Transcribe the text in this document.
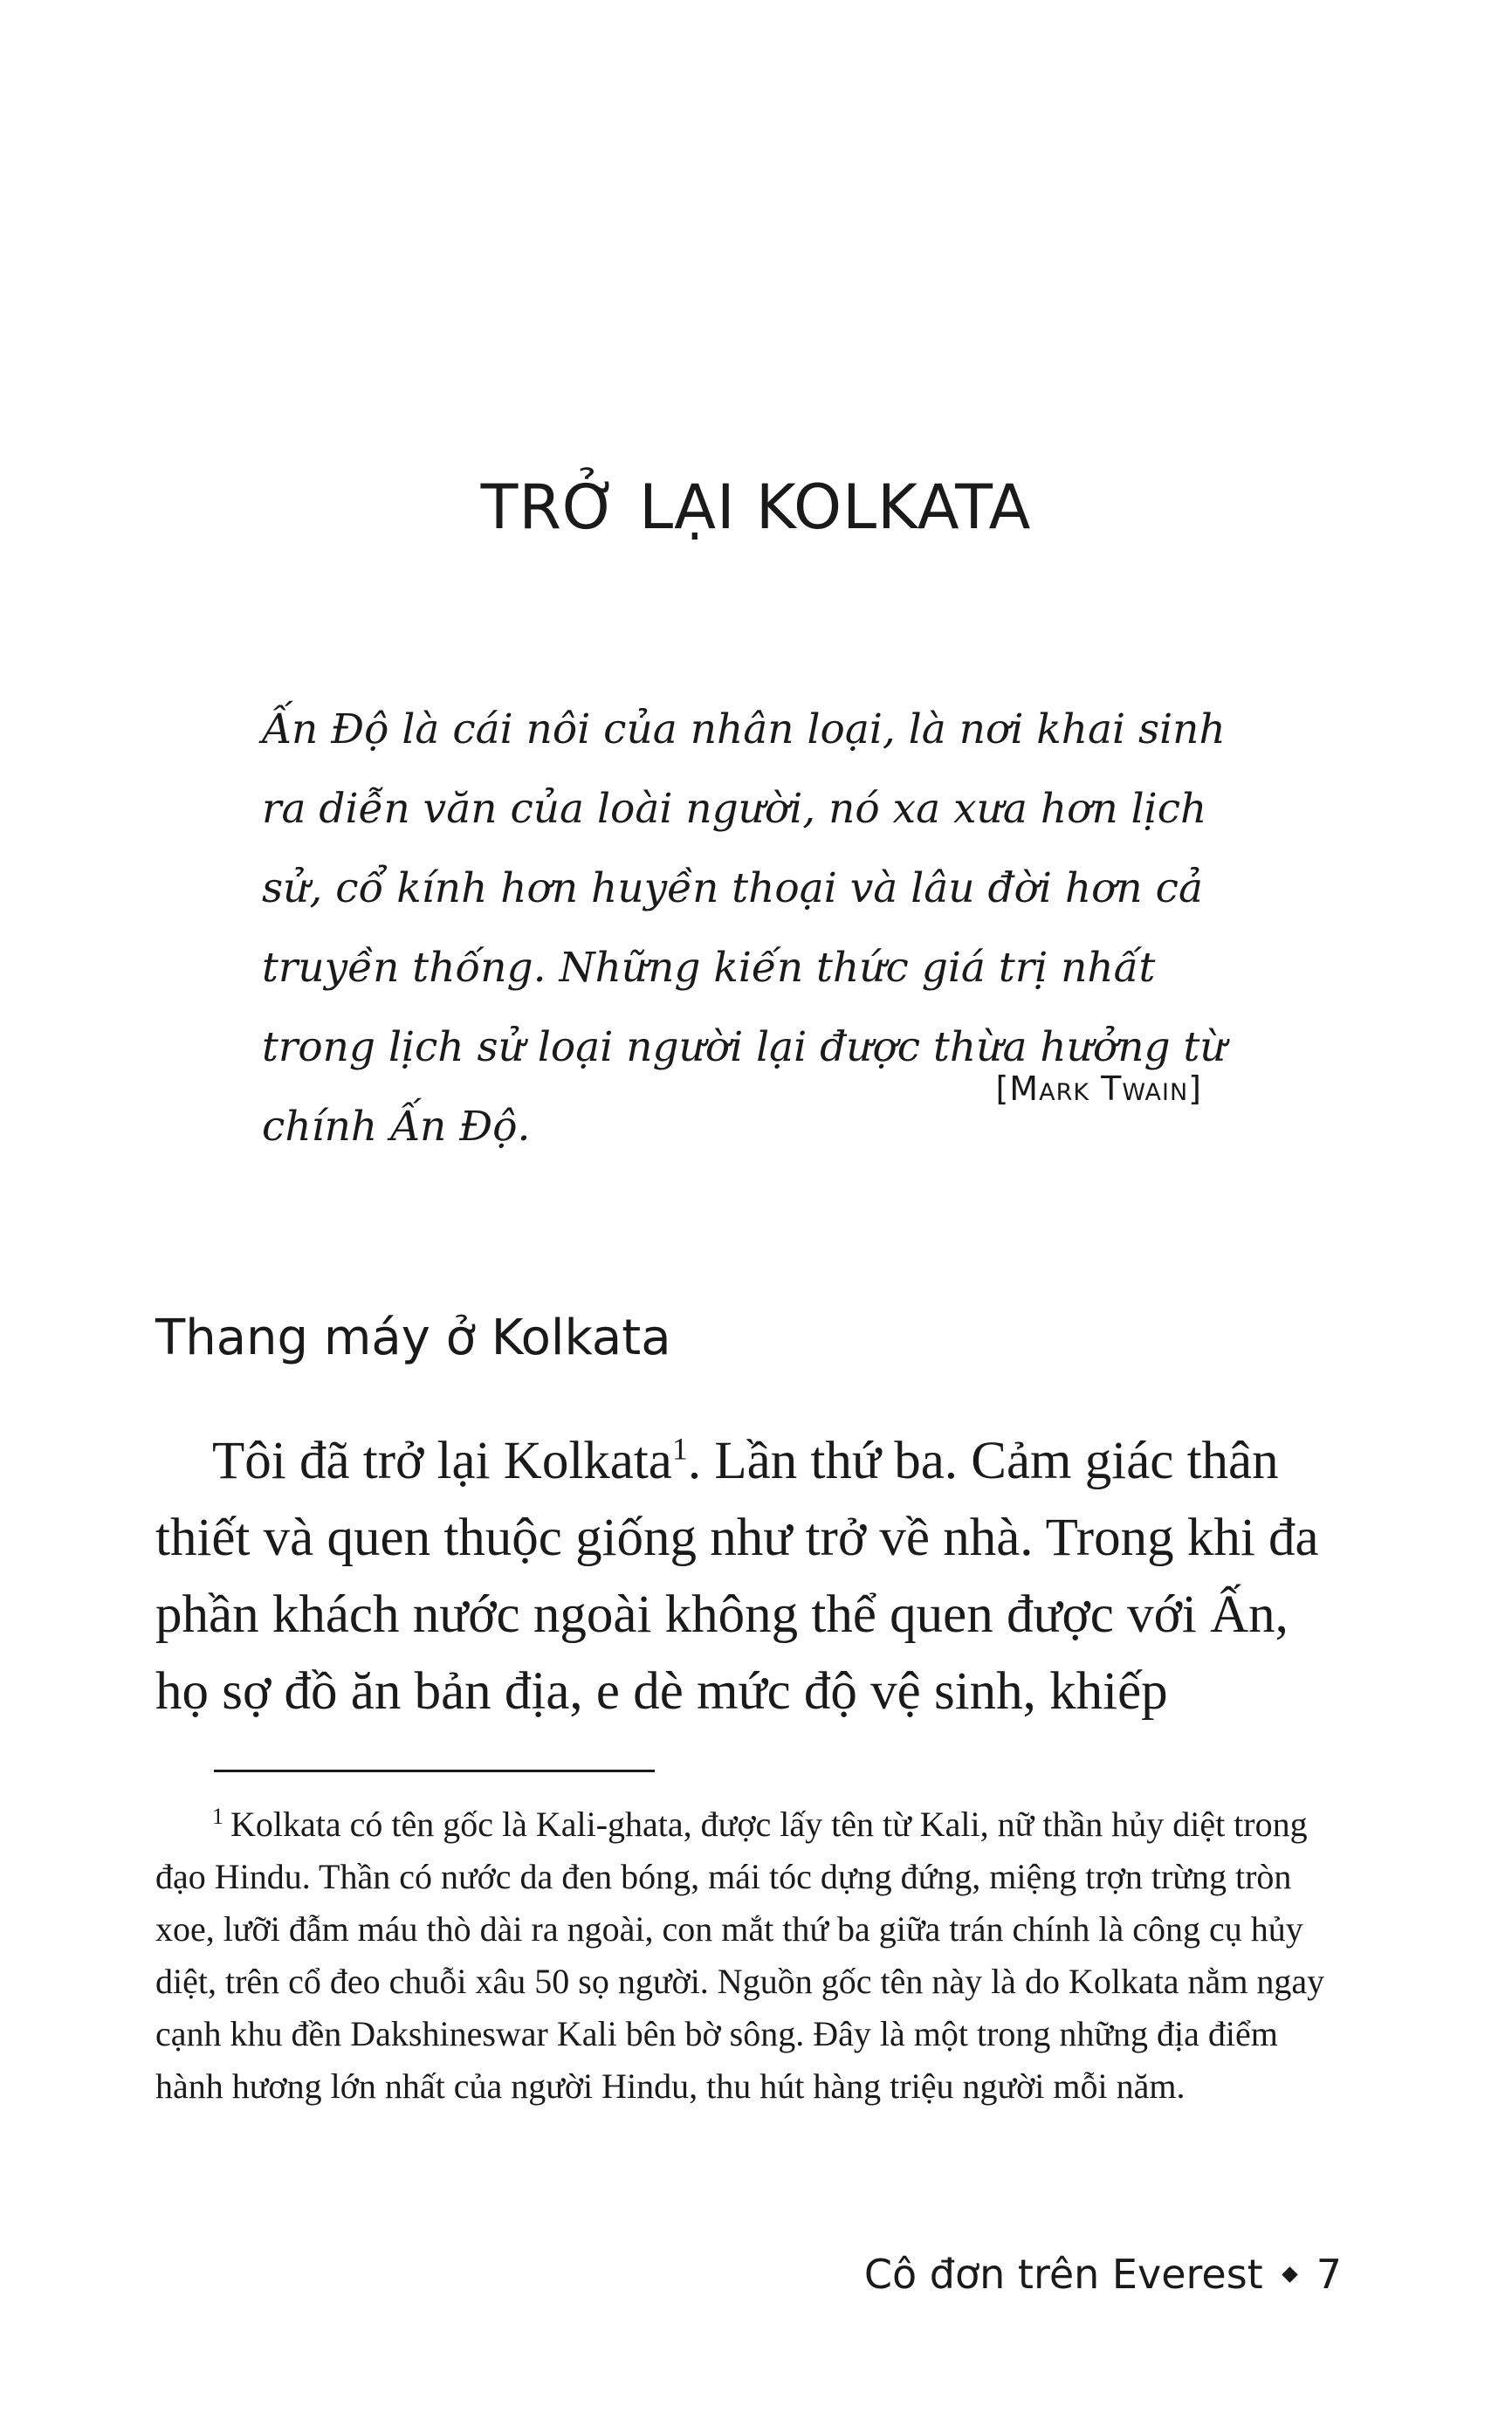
TRỞ LẠI KOLKATA

Ấn Độ là cái nôi của nhân loại, là nơi khai sinh ra diễn văn của loài người, nó xa xưa hơn lịch sử, cổ kính hơn huyền thoại và lâu đời hơn cả truyền thống. Những kiến thức giá trị nhất trong lịch sử loại người lại được thừa hưởng từ chính Ấn Độ.

[Mark Twain]

Thang máy ở Kolkata

Tôi đã trở lại Kolkata$^1$. Lần thứ ba. Cảm giác thân thiết và quen thuộc giống như trở về nhà. Trong khi đa phần khách nước ngoài không thể quen được với Ấn, họ sợ đồ ăn bản địa, e dè mức độ vệ sinh, khiếp

$^1$ Kolkata có tên gốc là Kali-ghata, được lấy tên từ Kali, nữ thần hủy diệt trong đạo Hindu. Thần có nước da đen bóng, mái tóc dựng đứng, miệng trợn trừng tròn xoe, lưỡi đẫm máu thò dài ra ngoài, con mắt thứ ba giữa trán chính là công cụ hủy diệt, trên cổ đeo chuỗi xâu 50 sọ người. Nguồn gốc tên này là do Kolkata nằm ngay cạnh khu đền Dakshineswar Kali bên bờ sông. Đây là một trong những địa điểm hành hương lớn nhất của người Hindu, thu hút hàng triệu người mỗi năm.

Cô đơn trên Everest 7
